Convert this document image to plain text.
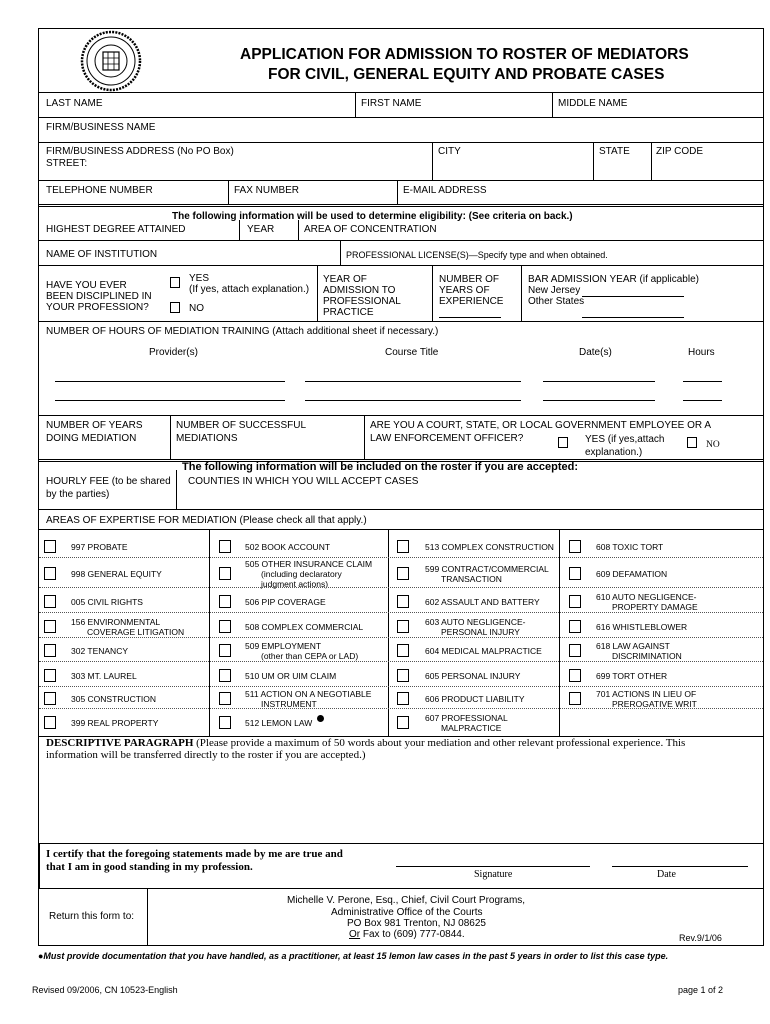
APPLICATION FOR ADMISSION TO ROSTER OF MEDIATORS
FOR CIVIL, GENERAL EQUITY AND PROBATE CASES
LAST NAME	FIRST NAME	MIDDLE NAME
FIRM/BUSINESS NAME
FIRM/BUSINESS ADDRESS (No PO Box)
STREET:
CITY	STATE	ZIP CODE
TELEPHONE NUMBER	FAX NUMBER	E-MAIL ADDRESS
The following information will be used to determine eligibility: (See criteria on back.)
HIGHEST DEGREE ATTAINED	YEAR	AREA OF CONCENTRATION
NAME OF INSTITUTION	PROFESSIONAL LICENSE(S)—Specify type and when obtained.
HAVE YOU EVER
BEEN DISCIPLINED IN
YOUR PROFESSION?
YES
(If yes, attach explanation.)
NO
YEAR OF
ADMISSION TO
PROFESSIONAL
PRACTICE
NUMBER OF
YEARS OF
EXPERIENCE
BAR ADMISSION YEAR (if applicable)
New Jersey
Other States
NUMBER OF HOURS OF MEDIATION TRAINING (Attach additional sheet if necessary.)
Provider(s)	Course Title	Date(s)	Hours
NUMBER OF YEARS
DOING MEDIATION
NUMBER OF SUCCESSFUL
MEDIATIONS
ARE YOU A COURT, STATE, OR LOCAL GOVERNMENT EMPLOYEE OR A
LAW ENFORCEMENT OFFICER?	YES (if yes,attach
explanation.)
NO
The following information will be included on the roster if you are accepted:
HOURLY FEE (to be shared
by the parties)
COUNTIES IN WHICH YOU WILL ACCEPT CASES
AREAS OF EXPERTISE FOR MEDIATION (Please check all that apply.)
997 PROBATE
998 GENERAL EQUITY
005 CIVIL RIGHTS
156 ENVIRONMENTAL
COVERAGE LITIGATION
302 TENANCY
303 MT. LAUREL
305 CONSTRUCTION
399 REAL PROPERTY
502 BOOK ACCOUNT
505 OTHER INSURANCE CLAIM
(including declaratory
judgment actions)
506 PIP COVERAGE
508 COMPLEX COMMERCIAL
509 EMPLOYMENT
(other than CEPA or LAD)
510 UM OR UIM CLAIM
511 ACTION ON A NEGOTIABLE
INSTRUMENT
512 LEMON LAW
513 COMPLEX CONSTRUCTION
599 CONTRACT/COMMERCIAL
TRANSACTION
602 ASSAULT AND BATTERY
603 AUTO NEGLIGENCE-
PERSONAL INJURY
604 MEDICAL MALPRACTICE
605 PERSONAL INJURY
606 PRODUCT LIABILITY
607 PROFESSIONAL
MALPRACTICE
608 TOXIC TORT
609 DEFAMATION
610 AUTO NEGLIGENCE-
PROPERTY DAMAGE
616 WHISTLEBLOWER
618 LAW AGAINST
DISCRIMINATION
699 TORT OTHER
701 ACTIONS IN LIEU OF
PREROGATIVE WRIT
DESCRIPTIVE PARAGRAPH (Please provide a maximum of 50 words about your mediation and other relevant professional experience. This
information will be transferred directly to the roster if you are accepted.)
I certify that the foregoing statements made by me are true and
that I am in good standing in my profession.
Signature	Date
Return this form to:
Michelle V. Perone, Esq., Chief, Civil Court Programs,
Administrative Office of the Courts
PO Box 981 Trenton, NJ 08625
Or Fax to (609) 777-0844.	Rev.9/1/06
●Must provide documentation that you have handled, as a practitioner, at least 15 lemon law cases in the past 5 years in order to list this case type.
Revised 09/2006, CN 10523-English	page 1 of 2
